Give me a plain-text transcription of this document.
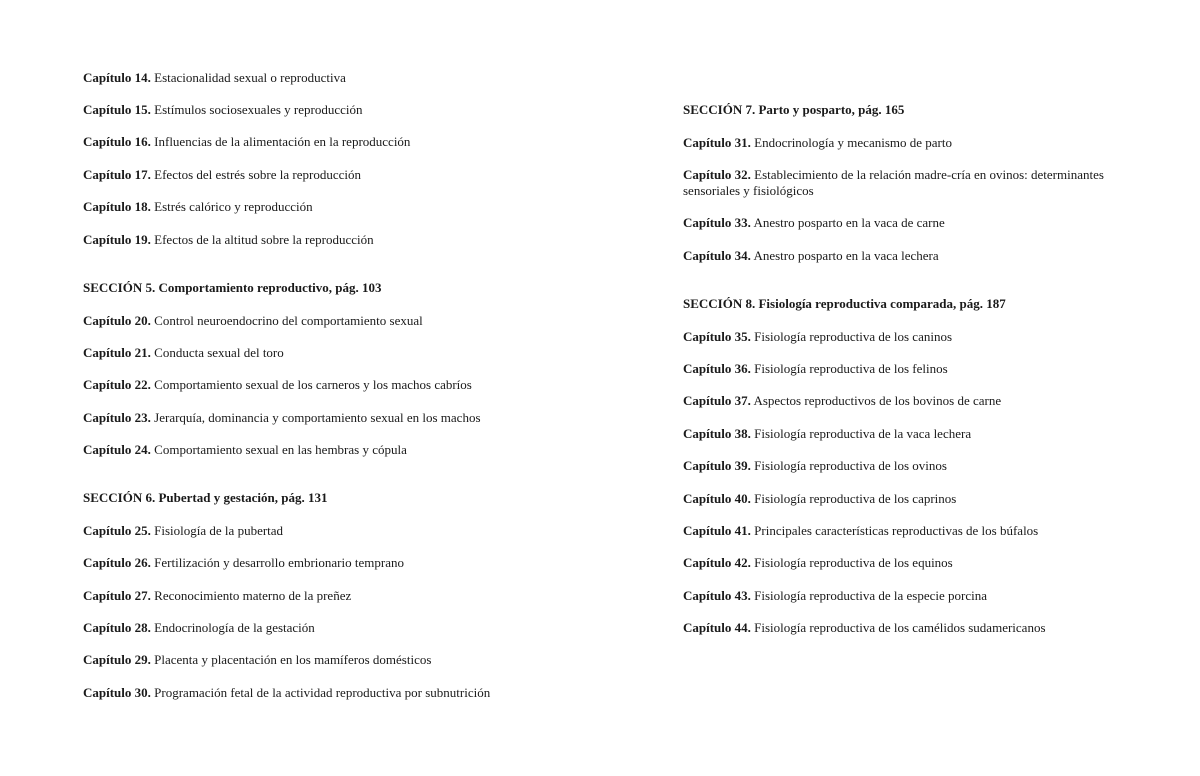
Capítulo 14. Estacionalidad sexual o reproductiva
Capítulo 15. Estímulos sociosexuales y reproducción
Capítulo 16. Influencias de la alimentación en la reproducción
Capítulo 17. Efectos del estrés sobre la reproducción
Capítulo 18. Estrés calórico y reproducción
Capítulo 19. Efectos de la altitud sobre la reproducción
SECCIÓN 5. Comportamiento reproductivo, pág. 103
Capítulo 20. Control neuroendocrino del comportamiento sexual
Capítulo 21. Conducta sexual del toro
Capítulo 22. Comportamiento sexual de los carneros y los machos cabríos
Capítulo 23. Jerarquía, dominancia y comportamiento sexual en los machos
Capítulo 24. Comportamiento sexual en las hembras y cópula
SECCIÓN 6. Pubertad y gestación, pág. 131
Capítulo 25. Fisiología de la pubertad
Capítulo 26. Fertilización y desarrollo embrionario temprano
Capítulo 27. Reconocimiento materno de la preñez
Capítulo 28. Endocrinología de la gestación
Capítulo 29. Placenta y placentación en los mamíferos domésticos
Capítulo 30. Programación fetal de la actividad reproductiva por subnutrición
SECCIÓN 7. Parto y posparto, pág. 165
Capítulo 31. Endocrinología y mecanismo de parto
Capítulo 32. Establecimiento de la relación madre-cría en ovinos: determinantes sensoriales y fisiológicos
Capítulo 33. Anestro posparto en la vaca de carne
Capítulo 34. Anestro posparto en la vaca lechera
SECCIÓN 8. Fisiología reproductiva comparada, pág. 187
Capítulo 35. Fisiología reproductiva de los caninos
Capítulo 36. Fisiología reproductiva de los felinos
Capítulo 37. Aspectos reproductivos de los bovinos de carne
Capítulo 38. Fisiología reproductiva de la vaca lechera
Capítulo 39. Fisiología reproductiva de los ovinos
Capítulo 40. Fisiología reproductiva de los caprinos
Capítulo 41. Principales características reproductivas de los búfalos
Capítulo 42. Fisiología reproductiva de los equinos
Capítulo 43. Fisiología reproductiva de la especie porcina
Capítulo 44. Fisiología reproductiva de los camélidos sudamericanos
